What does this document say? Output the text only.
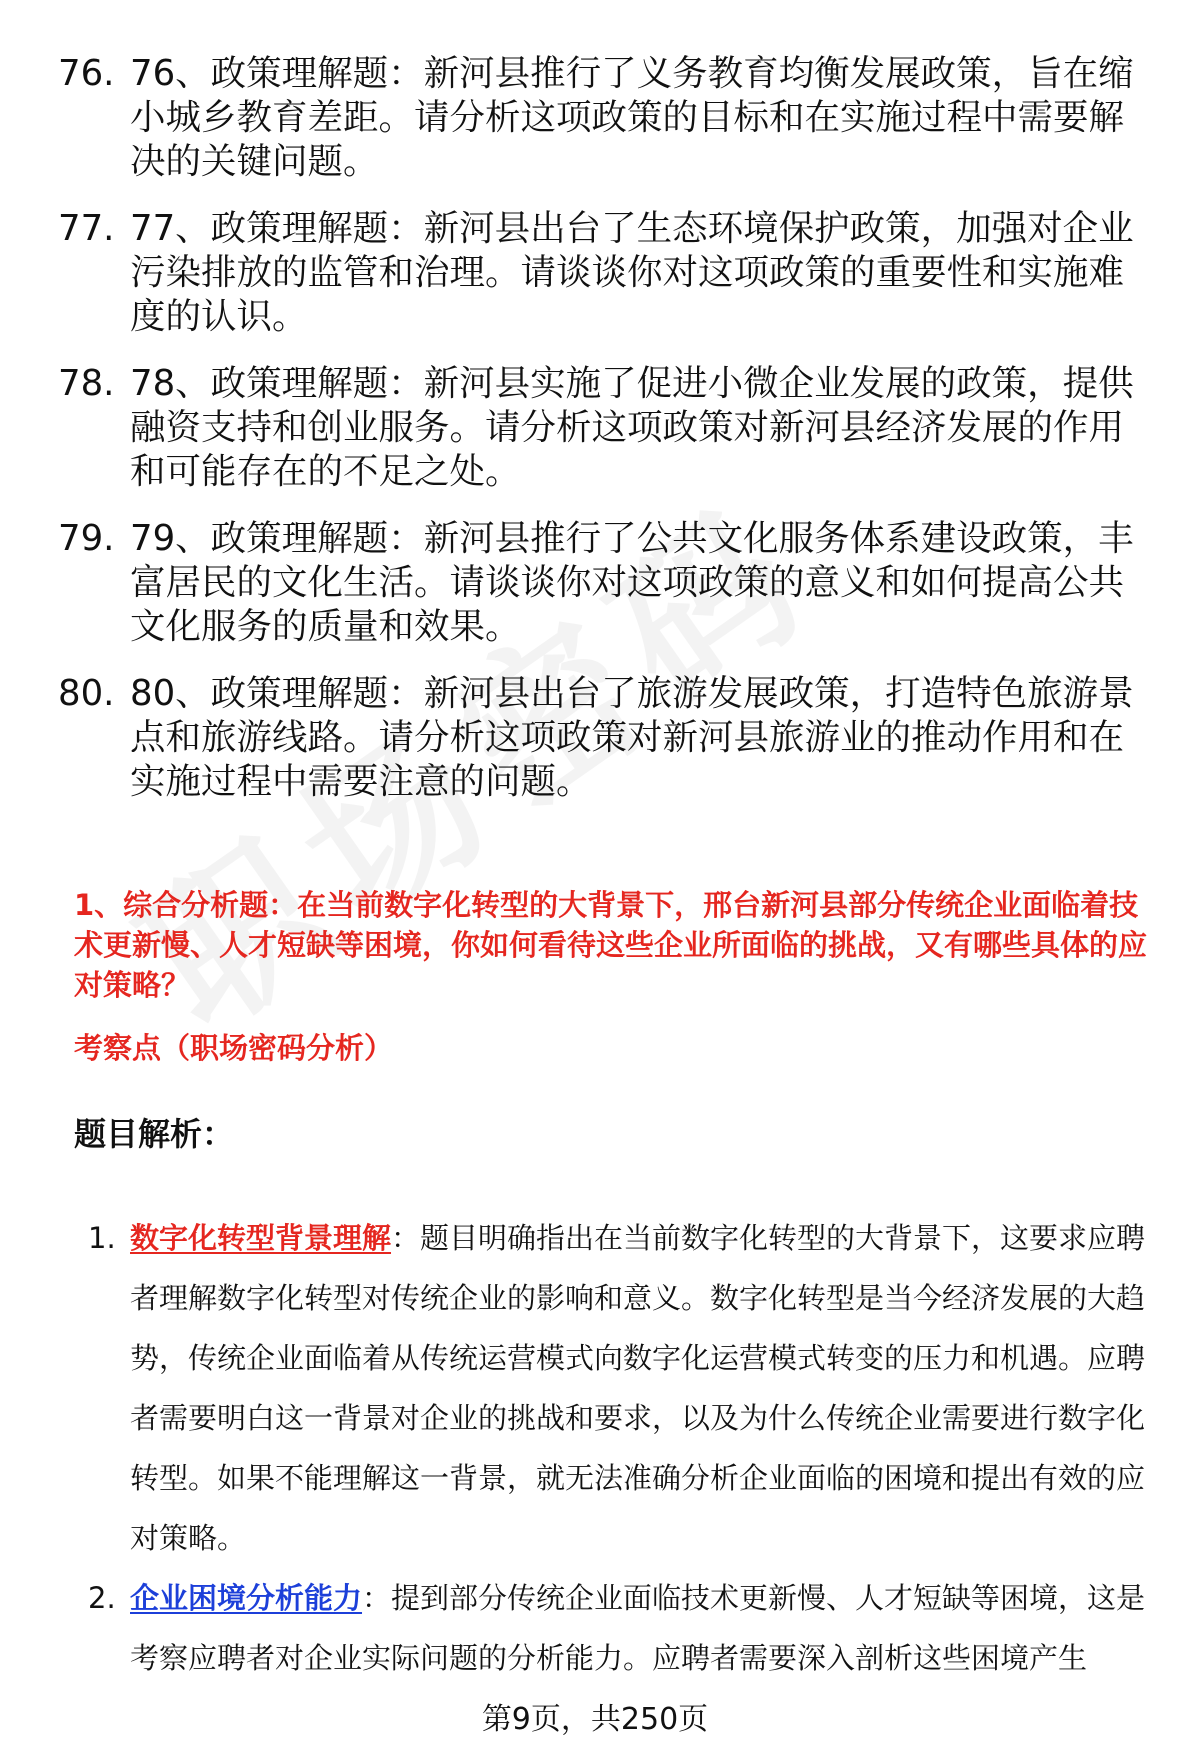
76. 76、政策理解题：新河县推行了义务教育均衡发展政策，旨在缩小城乡教育差距。请分析这项政策的目标和在实施过程中需要解决的关键问题。
77. 77、政策理解题：新河县出台了生态环境保护政策，加强对企业污染排放的监管和治理。请谈谈你对这项政策的重要性和实施难度的认识。
78. 78、政策理解题：新河县实施了促进小微企业发展的政策，提供融资支持和创业服务。请分析这项政策对新河县经济发展的作用和可能存在的不足之处。
79. 79、政策理解题：新河县推行了公共文化服务体系建设政策，丰富居民的文化生活。请谈谈你对这项政策的意义和如何提高公共文化服务的质量和效果。
80. 80、政策理解题：新河县出台了旅游发展政策，打造特色旅游景点和旅游线路。请分析这项政策对新河县旅游业的推动作用和在实施过程中需要注意的问题。
1、综合分析题：在当前数字化转型的大背景下，邢台新河县部分传统企业面临着技术更新慢、人才短缺等困境，你如何看待这些企业所面临的挑战，又有哪些具体的应对策略？
考察点（职场密码分析）
题目解析：
1. 数字化转型背景理解：题目明确指出在当前数字化转型的大背景下，这要求应聘者理解数字化转型对传统企业的影响和意义。数字化转型是当今经济发展的大趋势，传统企业面临着从传统运营模式向数字化运营模式转变的压力和机遇。应聘者需要明白这一背景对企业的挑战和要求，以及为什么传统企业需要进行数字化转型。如果不能理解这一背景，就无法准确分析企业面临的困境和提出有效的应对策略。
2. 企业困境分析能力：提到部分传统企业面临技术更新慢、人才短缺等困境，这是考察应聘者对企业实际问题的分析能力。应聘者需要深入剖析这些困境产生
第9页，共250页
